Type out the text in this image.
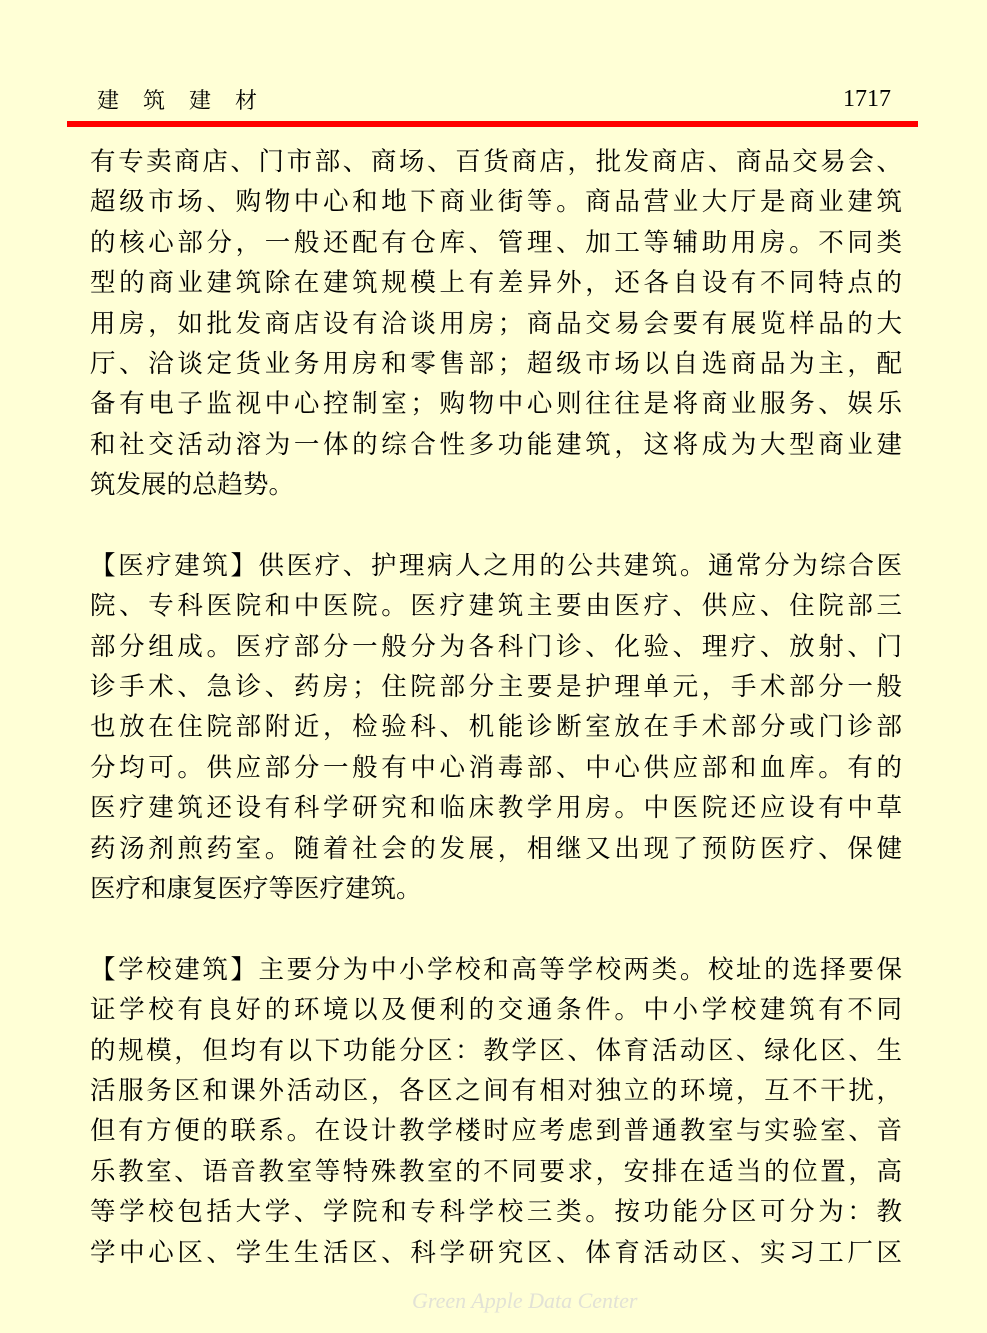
建筑建材	1717
有专卖商店、门市部、商场、百货商店，批发商店、商品交易会、
超级市场、购物中心和地下商业街等。商品营业大厅是商业建筑
的核心部分，一般还配有仓库、管理、加工等辅助用房。不同类
型的商业建筑除在建筑规模上有差异外，还各自设有不同特点的
用房，如批发商店设有洽谈用房；商品交易会要有展览样品的大
厅、洽谈定货业务用房和零售部；超级市场以自选商品为主，配
备有电子监视中心控制室；购物中心则往往是将商业服务、娱乐
和社交活动溶为一体的综合性多功能建筑，这将成为大型商业建
筑发展的总趋势。
【医疗建筑】供医疗、护理病人之用的公共建筑。通常分为综合医
院、专科医院和中医院。医疗建筑主要由医疗、供应、住院部三
部分组成。医疗部分一般分为各科门诊、化验、理疗、放射、门
诊手术、急诊、药房；住院部分主要是护理单元，手术部分一般
也放在住院部附近，检验科、机能诊断室放在手术部分或门诊部
分均可。供应部分一般有中心消毒部、中心供应部和血库。有的
医疗建筑还设有科学研究和临床教学用房。中医院还应设有中草
药汤剂煎药室。随着社会的发展，相继又出现了预防医疗、保健
医疗和康复医疗等医疗建筑。
【学校建筑】主要分为中小学校和高等学校两类。校址的选择要保
证学校有良好的环境以及便利的交通条件。中小学校建筑有不同
的规模，但均有以下功能分区：教学区、体育活动区、绿化区、生
活服务区和课外活动区，各区之间有相对独立的环境，互不干扰，
但有方便的联系。在设计教学楼时应考虑到普通教室与实验室、音
乐教室、语音教室等特殊教室的不同要求，安排在适当的位置，高
等学校包括大学、学院和专科学校三类。按功能分区可分为：教
学中心区、学生生活区、科学研究区、体育活动区、实习工厂区
Green Apple Data Center
